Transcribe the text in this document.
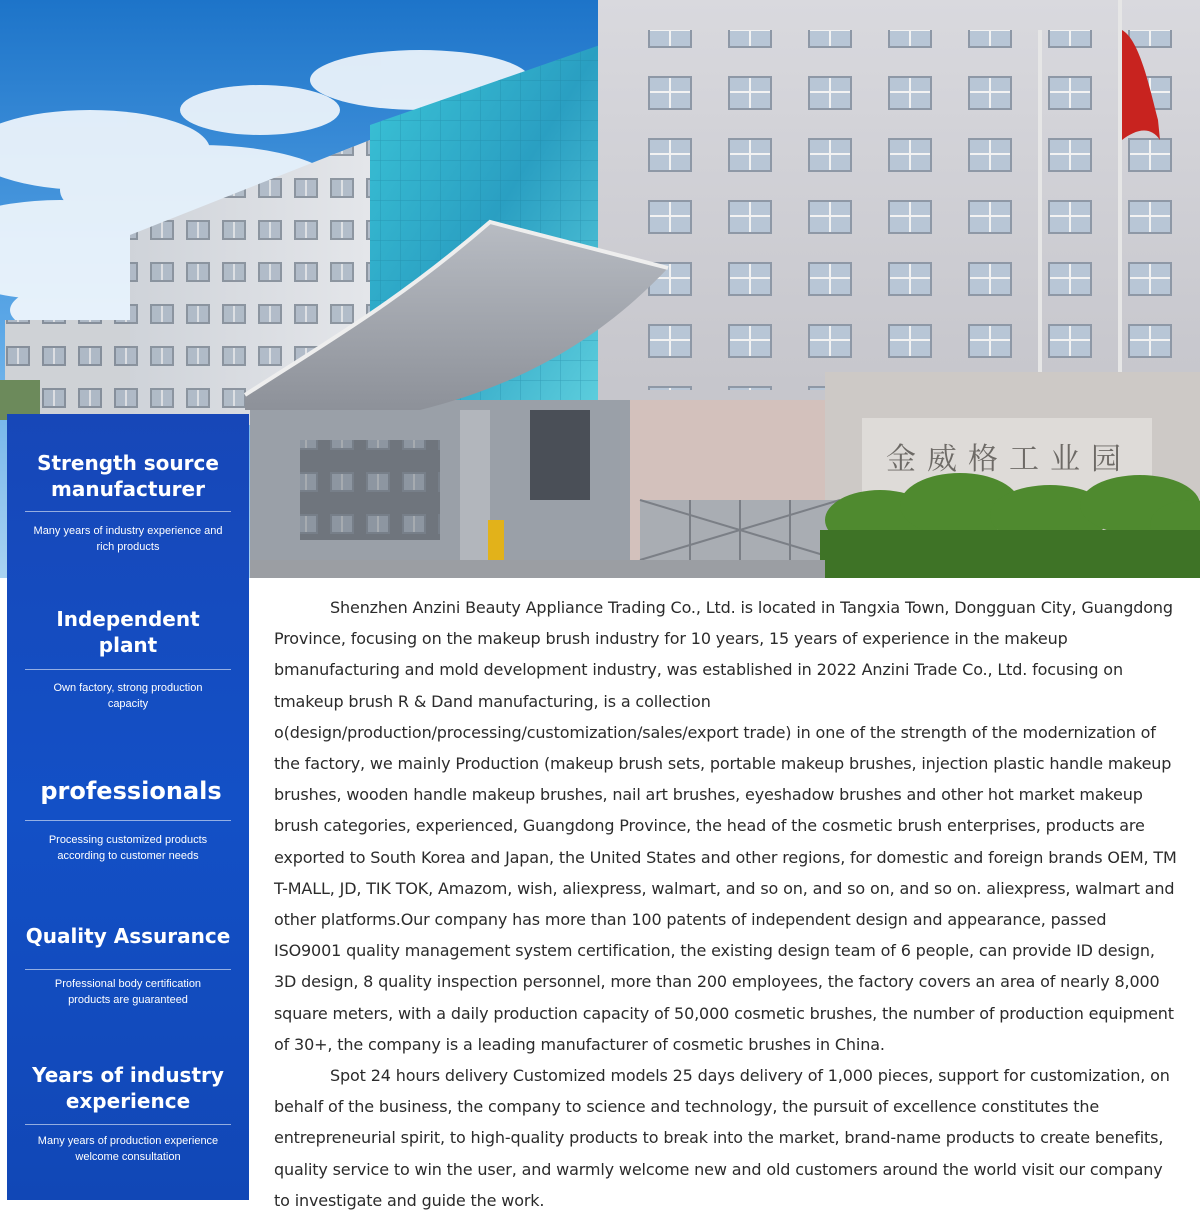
金威格工业园
Strength source manufacturer

Many years of industry experience and rich products

Independent plant

Own factory, strong production capacity

professionals

Processing customized products according to customer needs

Quality Assurance

Professional body certification products are guaranteed

Years of industry experience

Many years of production experience welcome consultation

Shenzhen Anzini Beauty Appliance Trading Co., Ltd. is located in Tangxia Town, Dongguan City, Guangdong Province, focusing on the makeup brush industry for 10 years, 15 years of experience in the makeup bmanufacturing and mold development industry, was established in 2022 Anzini Trade Co., Ltd. focusing on tmakeup brush R & Dand manufacturing, is a collection o(design/production/processing/customization/sales/export trade) in one of the strength of the modernization of the factory, we mainly Production (makeup brush sets, portable makeup brushes, injection plastic handle makeup brushes, wooden handle makeup brushes, nail art brushes, eyeshadow brushes and other hot market makeup brush categories, experienced, Guangdong Province, the head of the cosmetic brush enterprises, products are exported to South Korea and Japan, the United States and other regions, for domestic and foreign brands OEM, TM T-MALL, JD, TIK TOK, Amazom, wish, aliexpress, walmart, and so on, and so on, and so on. aliexpress, walmart and other platforms.Our company has more than 100 patents of independent design and appearance, passed ISO9001 quality management system certification, the existing design team of 6 people, can provide ID design, 3D design, 8 quality inspection personnel, more than 200 employees, the factory covers an area of nearly 8,000 square meters, with a daily production capacity of 50,000 cosmetic brushes, the number of production equipment of 30+, the company is a leading manufacturer of cosmetic brushes in China.

Spot 24 hours delivery Customized models 25 days delivery of 1,000 pieces, support for customization, on behalf of the business, the company to science and technology, the pursuit of excellence constitutes the entrepreneurial spirit, to high-quality products to break into the market, brand-name products to create benefits, quality service to win the user, and warmly welcome new and old customers around the world visit our company to investigate and guide the work.
